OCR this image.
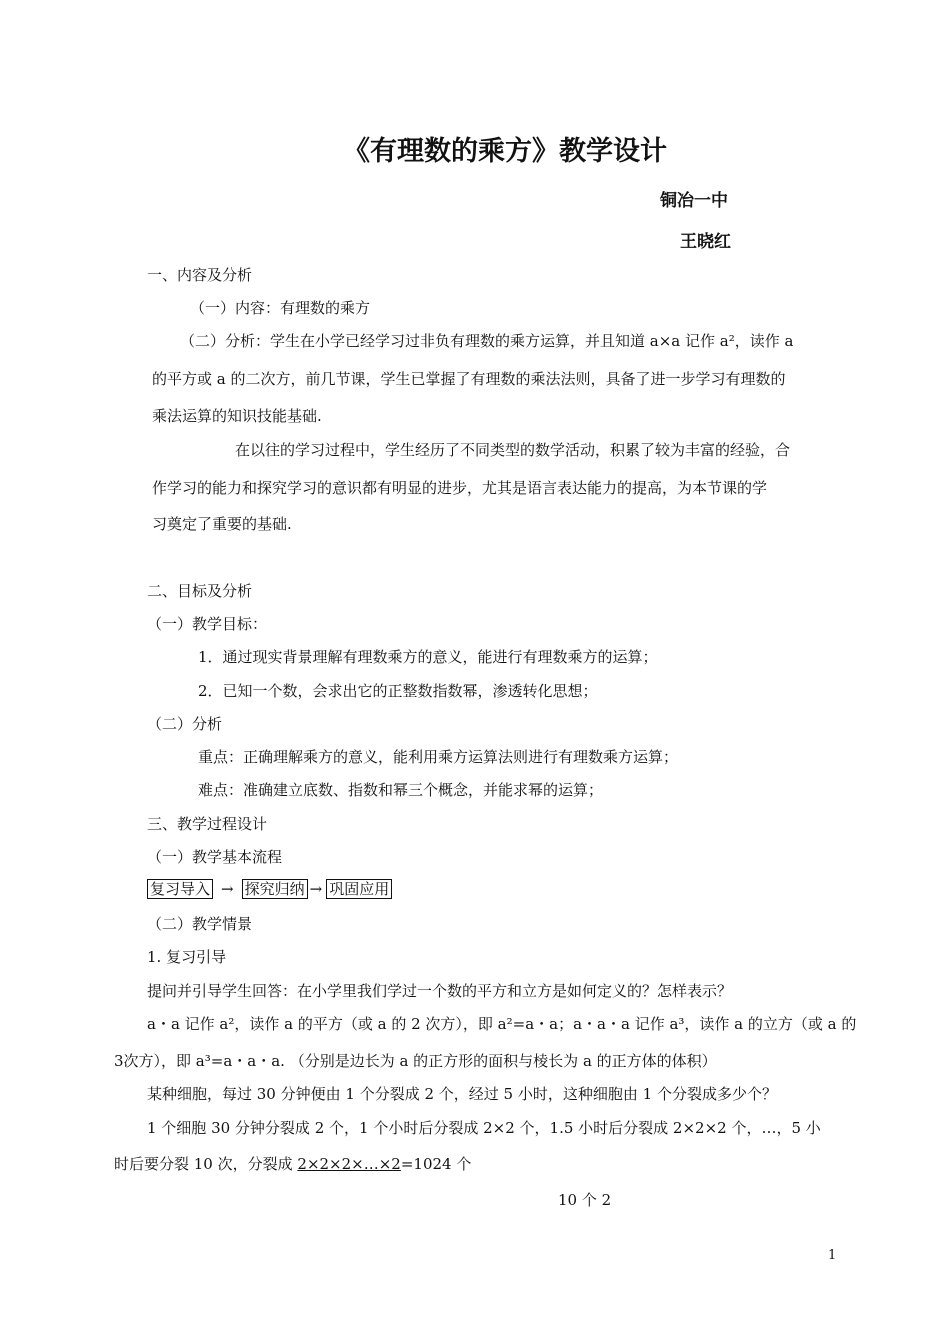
《有理数的乘方》教学设计
铜冶一中
王晓红
一、内容及分析
（一）内容：有理数的乘方
（二）分析：学生在小学已经学习过非负有理数的乘方运算，并且知道 a×a 记作 a²，读作 a
的平方或 a 的二次方，前几节课，学生已掌握了有理数的乘法法则，具备了进一步学习有理数的
乘法运算的知识技能基础.
在以往的学习过程中，学生经历了不同类型的数学活动，积累了较为丰富的经验，合
作学习的能力和探究学习的意识都有明显的进步，尤其是语言表达能力的提高，为本节课的学
习奠定了重要的基础.
二、目标及分析
（一）教学目标：
1．通过现实背景理解有理数乘方的意义，能进行有理数乘方的运算；
2．已知一个数，会求出它的正整数指数幂，渗透转化思想；
（二）分析
重点：正确理解乘方的意义，能利用乘方运算法则进行有理数乘方运算；
难点：准确建立底数、指数和幂三个概念，并能求幂的运算；
三、教学过程设计
（一）教学基本流程
复习导入 → 探究归纳 → 巩固应用
（二）教学情景
1. 复习引导
提问并引导学生回答：在小学里我们学过一个数的平方和立方是如何定义的？怎样表示？
a・a 记作 a²，读作 a 的平方（或 a 的 2 次方），即 a²=a・a；a・a・a 记作 a³，读作 a 的立方（或 a 的
3次方），即 a³=a・a・a. （分别是边长为 a 的正方形的面积与棱长为 a 的正方体的体积）
某种细胞，每过 30 分钟便由 1 个分裂成 2 个，经过 5 小时，这种细胞由 1 个分裂成多少个？
1 个细胞 30 分钟分裂成 2 个，1 个小时后分裂成 2×2 个，1.5 小时后分裂成 2×2×2 个，…，5 小
时后要分裂 10 次，分裂成 2×2×2×…×2=1024 个
10 个 2
1
